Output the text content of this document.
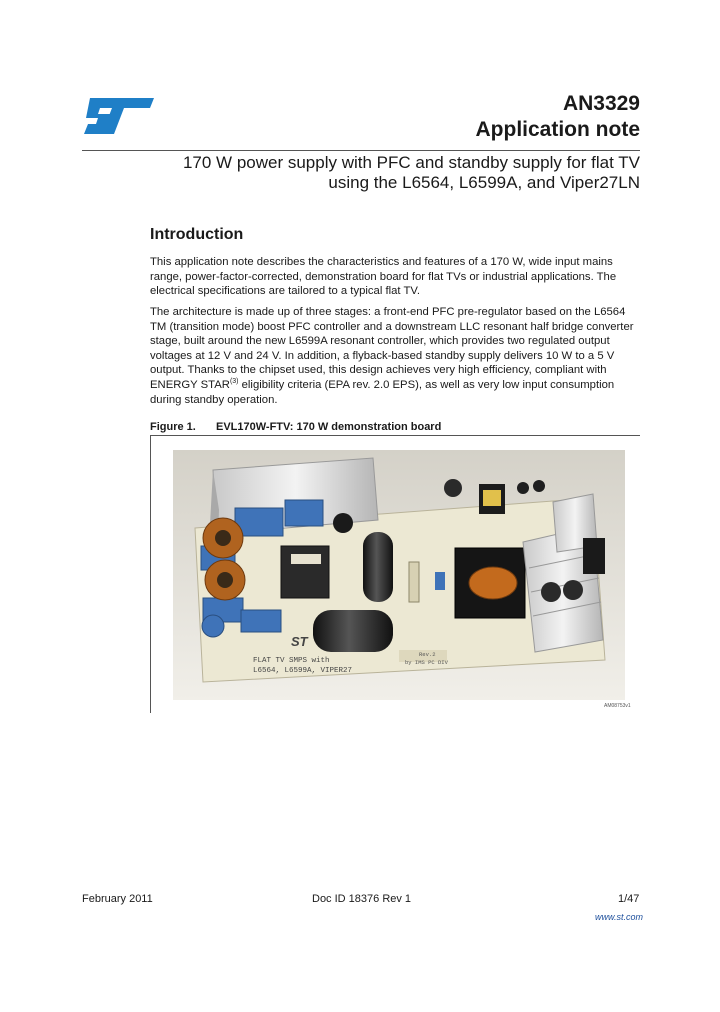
AN3329
Application note
170 W power supply with PFC and standby supply for flat TV
using the L6564, L6599A, and Viper27LN
Introduction
This application note describes the characteristics and features of a 170 W, wide input mains range, power-factor-corrected, demonstration board for flat TVs or industrial applications. The electrical specifications are tailored to a typical flat TV.
The architecture is made up of three stages: a front-end PFC pre-regulator based on the L6564 TM (transition mode) boost PFC controller and a downstream LLC resonant half bridge converter stage, built around the new L6599A resonant controller, which provides two regulated output voltages at 12 V and 24 V. In addition, a flyback-based standby supply delivers 10 W to a 5 V output. Thanks to the chipset used, this design achieves very high efficiency, compliant with ENERGY STAR$^{(3)}$ eligibility criteria (EPA rev. 2.0 EPS), as well as very low input consumption during standby operation.
Figure 1. EVL170W-FTV: 170 W demonstration board
ST
FLAT TV SMPS with
L6564, L6599A, VIPER27
by IMS PC DIV
Rev.2
AM08753v1
February 2011	Doc ID 18376 Rev 1	1/47
www.st.com
